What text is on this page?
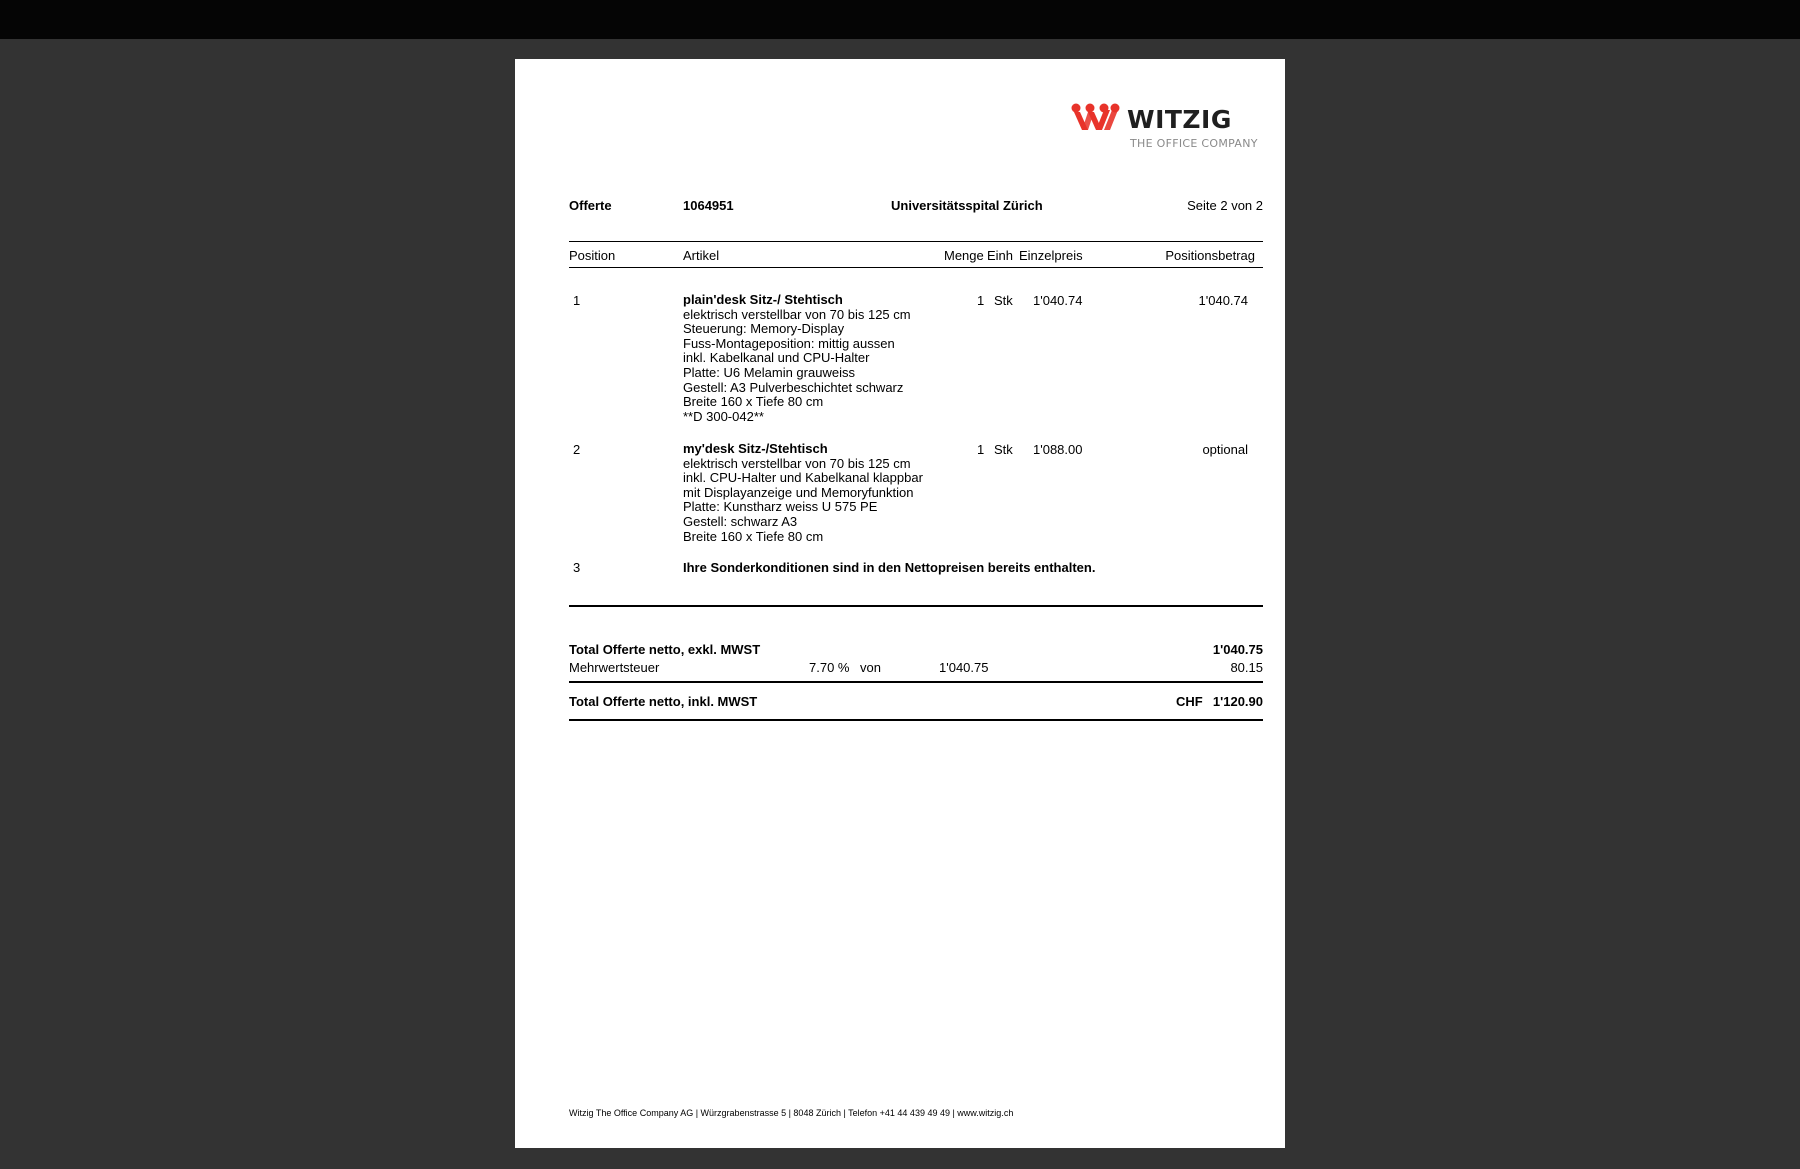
WITZIG
THE OFFICE COMPANY
Offerte	1064951	Universitätsspital Zürich	Seite 2 von 2
Position	Artikel	Menge Einh Einzelpreis	Positionsbetrag
1	plain'desk Sitz-/ Stehtisch
elektrisch verstellbar von 70 bis 125 cm
Steuerung: Memory-Display
Fuss-Montageposition: mittig aussen
inkl. Kabelkanal und CPU-Halter
Platte: U6 Melamin grauweiss
Gestell: A3 Pulverbeschichtet schwarz
Breite 160 x Tiefe 80 cm
**D 300-042**
1 Stk 1'040.74	1'040.74
2	my'desk Sitz-/Stehtisch
elektrisch verstellbar von 70 bis 125 cm
inkl. CPU-Halter und Kabelkanal klappbar
mit Displayanzeige und Memoryfunktion
Platte: Kunstharz weiss U 575 PE
Gestell: schwarz A3
Breite 160 x Tiefe 80 cm
1 Stk 1'088.00	optional
3	Ihre Sonderkonditionen sind in den Nettopreisen bereits enthalten.
Total Offerte netto, exkl. MWST	1'040.75
Mehrwertsteuer	7.70 % von	1'040.75	80.15
Total Offerte netto, inkl. MWST	CHF 1'120.90
Witzig The Office Company AG | Würzgrabenstrasse 5 | 8048 Zürich | Telefon +41 44 439 49 49 | www.witzig.ch
